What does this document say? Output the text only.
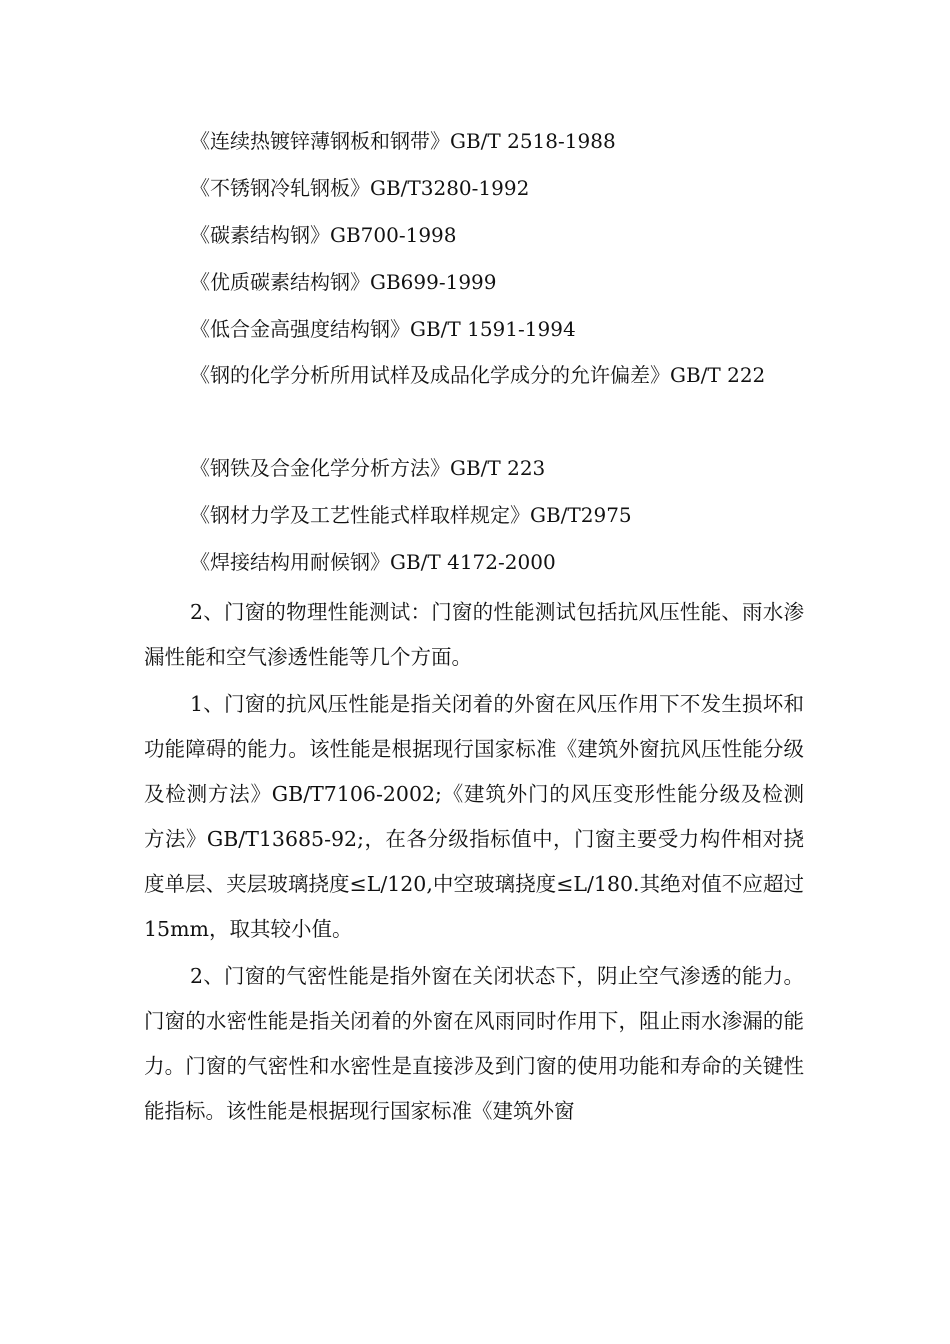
《连续热镀锌薄钢板和钢带》GB/T 2518-1988
《不锈钢冷轧钢板》GB/T3280-1992
《碳素结构钢》GB700-1998
《优质碳素结构钢》GB699-1999
《低合金高强度结构钢》GB/T 1591-1994
《钢的化学分析所用试样及成品化学成分的允许偏差》GB/T 222
《钢铁及合金化学分析方法》GB/T 223
《钢材力学及工艺性能式样取样规定》GB/T2975
《焊接结构用耐候钢》GB/T 4172-2000

2、门窗的物理性能测试：门窗的性能测试包括抗风压性能、雨水渗漏性能和空气渗透性能等几个方面。

1、门窗的抗风压性能是指关闭着的外窗在风压作用下不发生损坏和功能障碍的能力。该性能是根据现行国家标准《建筑外窗抗风压性能分级及检测方法》GB/T7106-2002;《建筑外门的风压变形性能分级及检测方法》GB/T13685-92;，在各分级指标值中，门窗主要受力构件相对挠度单层、夹层玻璃挠度≤L/120,中空玻璃挠度≤L/180.其绝对值不应超过15mm，取其较小值。

2、门窗的气密性能是指外窗在关闭状态下，阴止空气渗透的能力。门窗的水密性能是指关闭着的外窗在风雨同时作用下，阻止雨水渗漏的能力。门窗的气密性和水密性是直接涉及到门窗的使用功能和寿命的关键性能指标。该性能是根据现行国家标准《建筑外窗
